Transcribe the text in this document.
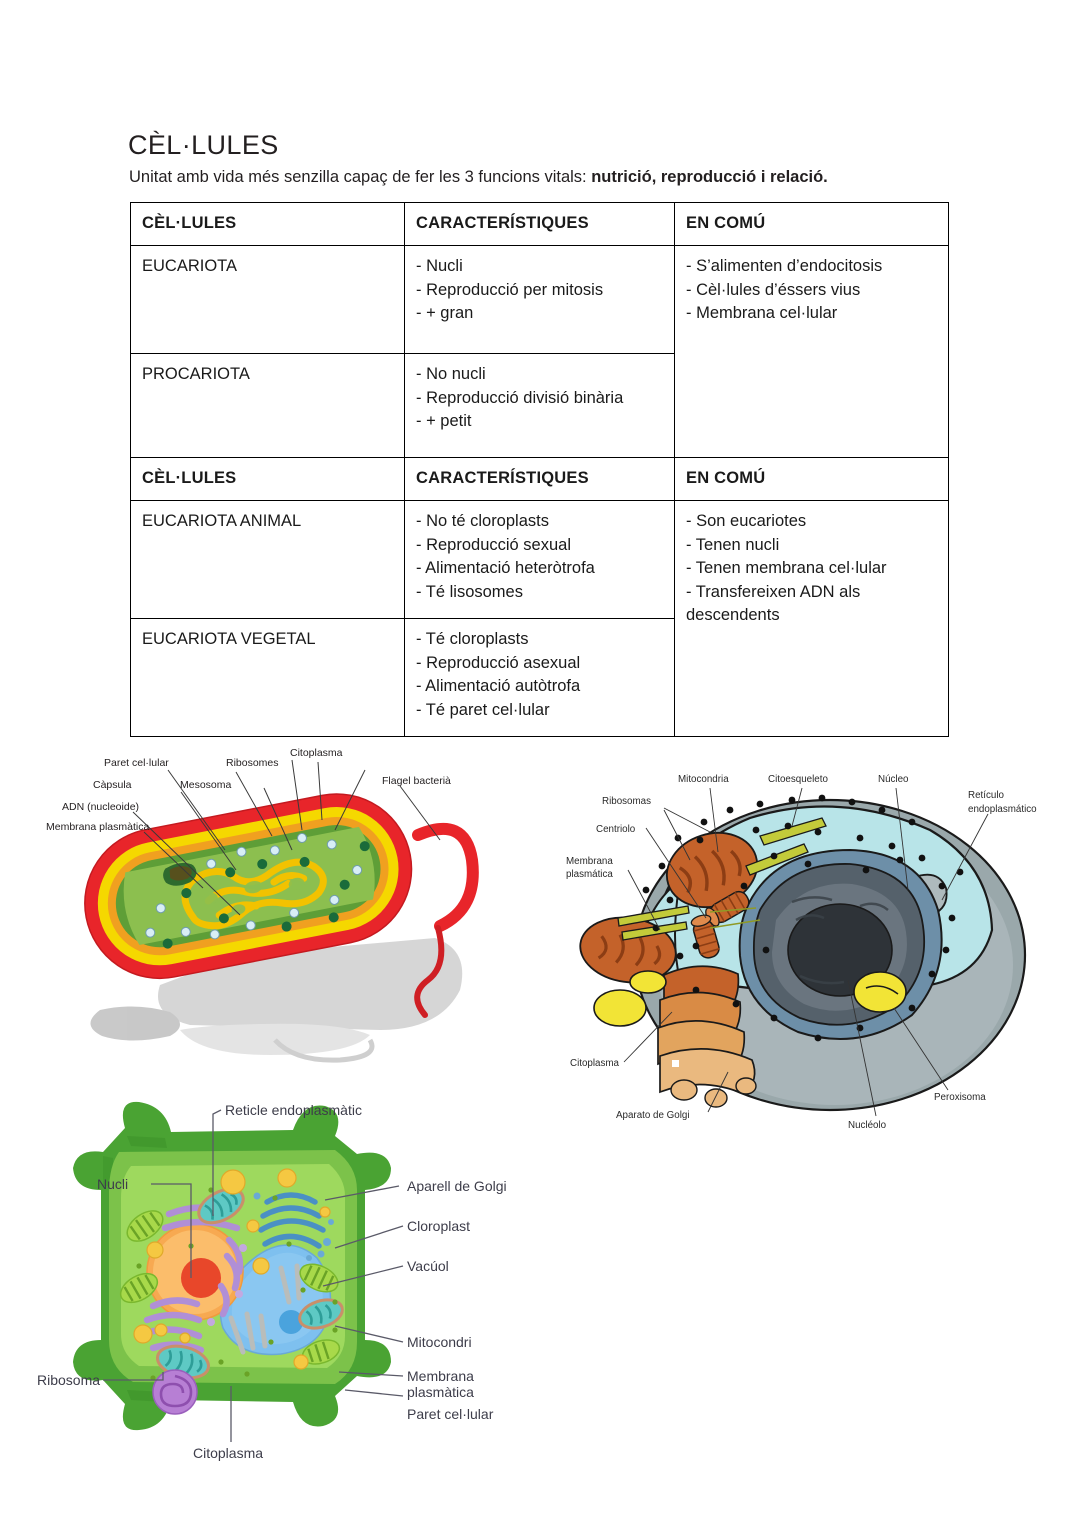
CÈL·LULES
Unitat amb vida més senzilla capaç de fer les 3 funcions vitals: nutrició, reproducció i relació.
CÈL·LULES	CARACTERÍSTIQUES	EN COMÚ
EUCARIOTA	- Nucli
- Reproducció per mitosis
- + gran	- S’alimenten d’endocitosis
- Cèl·lules d’éssers vius
- Membrana cel·lular

PROCARIOTA	- No nucli
- Reproducció divisió binària
- + petit	
CÈL·LULES	CARACTERÍSTIQUES	EN COMÚ
EUCARIOTA ANIMAL	- No té cloroplasts
- Reproducció sexual
- Alimentació heteròtrofa
- Té lisosomes	- Son eucariotes
- Tenen nucli
- Tenen membrana cel·lular
- Transfereixen ADN als
descendents

EUCARIOTA VEGETAL	- Té cloroplasts
- Reproducció asexual
- Alimentació autòtrofa
- Té paret cel·lular	
Paret cel·lular	Ribosomes
Citoplasma
Càpsula	Mesosoma	Flagel bacterià
ADN (nucleoide)
Membrana plasmàtica
Mitocondria	Citoesqueleto	Núcleo
Retículo
endoplasmático
Ribosomas
Centriolo
Membrana
plasmática
Citoplasma
Aparato de Golgi
Nucléolo
Peroxisoma
Reticle endoplasmàtic
Nucli	Aparell de Golgi
Cloroplast
Vacúol
Mitocondri
Membrana
plasmàtica
Paret cel·lular
Ribosoma
Citoplasma
